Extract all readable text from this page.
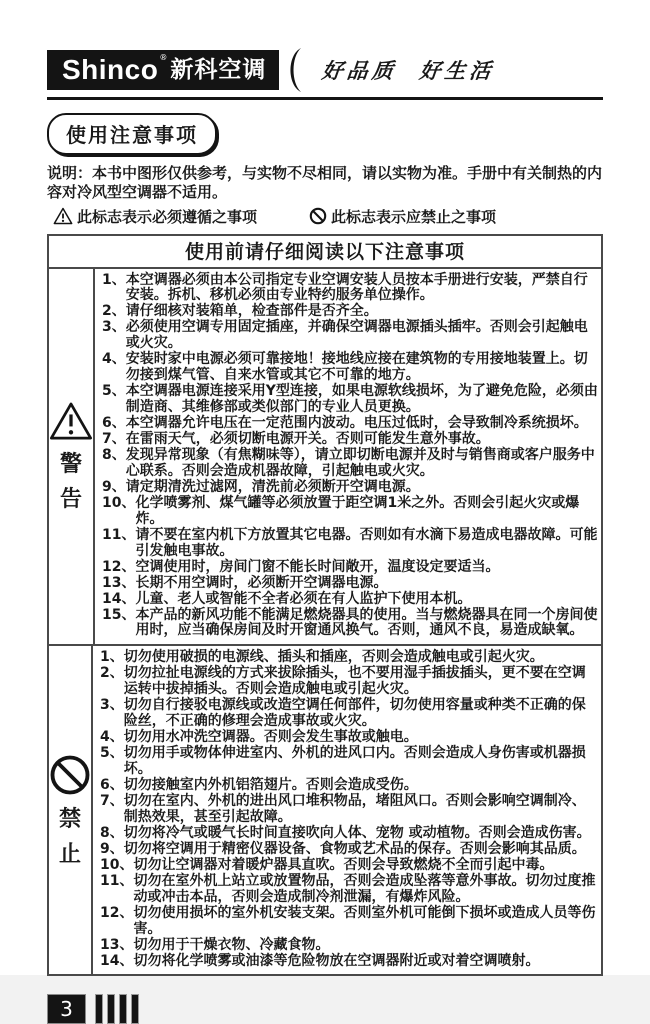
Shinco ® 新科空调	好品质  好生活
使用注意事项

说明：本书中图形仅供参考，与实物不尽相同，请以实物为准。手册中有关制热的内容对冷风型空调器不适用。

此标志表示必须遵循之事项	此标志表示应禁止之事项
使用前请仔细阅读以下注意事项
警
告
1、 本空调器必须由本公司指定专业空调安装人员按本手册进行安装，严禁自行安装。拆机、移机必须由专业特约服务单位操作。
2、 请仔细核对装箱单，检查部件是否齐全。
3、 必须使用空调专用固定插座，并确保空调器电源插头插牢。否则会引起触电或火灾。
4、 安装时家中电源必须可靠接地！接地线应接在建筑物的专用接地装置上。切勿接到煤气管、自来水管或其它不可靠的地方。
5、 本空调器电源连接采用Y型连接，如果电源软线损坏，为了避免危险，必须由制造商、其维修部或类似部门的专业人员更换。
6、 本空调器允许电压在一定范围内波动。电压过低时，会导致制冷系统损坏。
7、 在雷雨天气，必须切断电源开关。否则可能发生意外事故。
8、 发现异常现象（有焦糊味等），请立即切断电源并及时与销售商或客户服务中心联系。否则会造成机器故障，引起触电或火灾。
9、 请定期清洗过滤网，清洗前必须断开空调电源。
10、 化学喷雾剂、煤气罐等必须放置于距空调1米之外。否则会引起火灾或爆炸。
11、 请不要在室内机下方放置其它电器。否则如有水滴下易造成电器故障。可能引发触电事故。
12、 空调使用时，房间门窗不能长时间敞开，温度设定要适当。
13、 长期不用空调时，必须断开空调器电源。
14、 儿童、老人或智能不全者必须在有人监护下使用本机。
15、 本产品的新风功能不能满足燃烧器具的使用。当与燃烧器具在同一个房间使用时，应当确保房间及时开窗通风换气。否则，通风不良，易造成缺氧。
禁
止
1、 切勿使用破损的电源线、插头和插座，否则会造成触电或引起火灾。
2、 切勿拉扯电源线的方式来拔除插头，也不要用湿手插拔插头，更不要在空调运转中拔掉插头。否则会造成触电或引起火灾。
3、 切勿自行接驳电源线或改造空调任何部件，切勿使用容量或种类不正确的保险丝，不正确的修理会造成事故或火灾。
4、 切勿用水冲洗空调器。否则会发生事故或触电。
5、 切勿用手或物体伸进室内、外机的进风口内。否则会造成人身伤害或机器损坏。
6、 切勿接触室内外机铝箔翅片。否则会造成受伤。
7、 切勿在室内、外机的进出风口堆积物品，堵阻风口。否则会影响空调制冷、制热效果，甚至引起故障。
8、 切勿将冷气或暖气长时间直接吹向人体、宠物 或动植物。否则会造成伤害。
9、 切勿将空调用于精密仪器设备、食物或艺术品的保存。否则会影响其品质。
10、 切勿让空调器对着暖炉器具直吹。否则会导致燃烧不全而引起中毒。
11、 切勿在室外机上站立或放置物品，否则会造成坠落等意外事故。切勿过度推动或冲击本品，否则会造成制冷剂泄漏，有爆炸风险。
12、 切勿使用损坏的室外机安装支架。否则室外机可能倒下损坏或造成人员等伤害。
13、 切勿用于干燥衣物、冷藏食物。
14、 切勿将化学喷雾或油漆等危险物放在空调器附近或对着空调喷射。
3
